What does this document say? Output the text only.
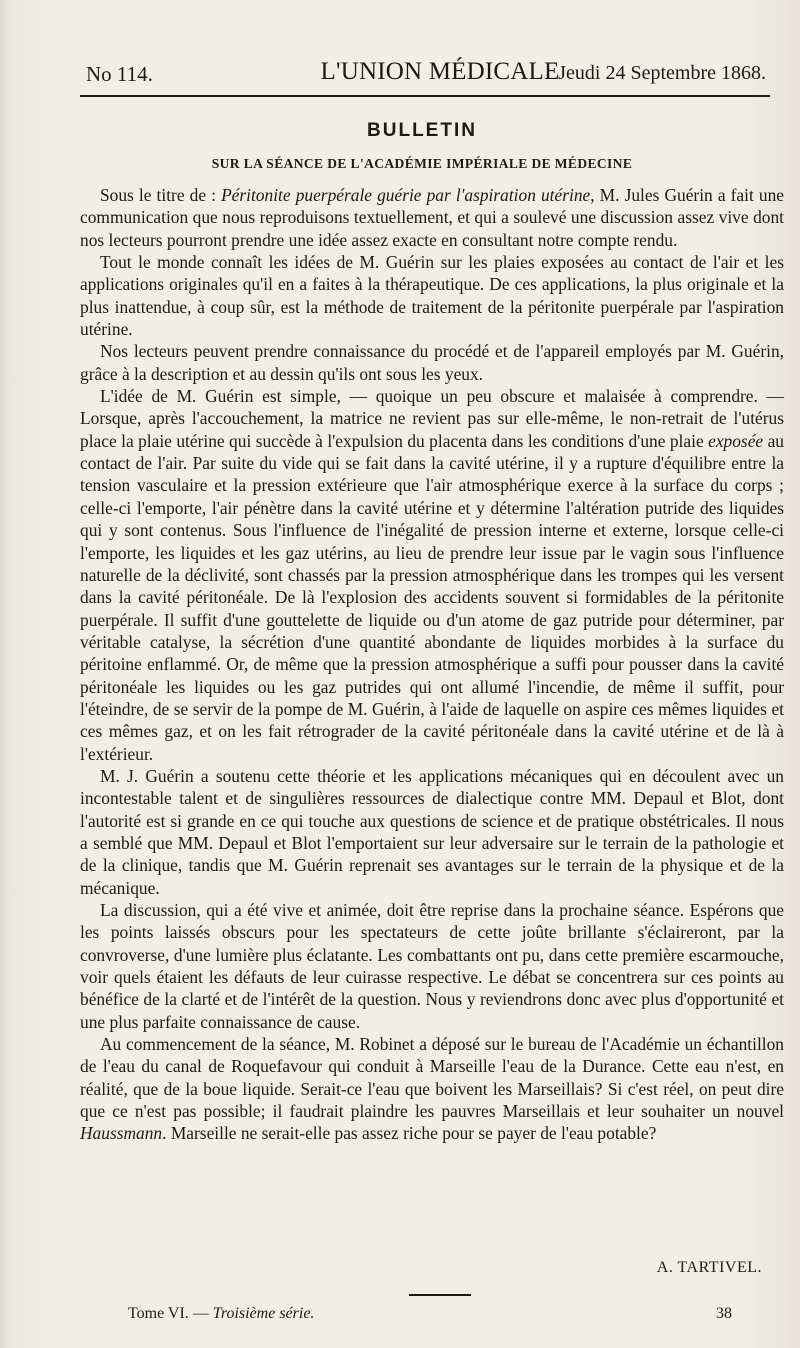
No 114.	L'UNION MÉDICALE
Jeudi 24 Septembre 1868.
BULLETIN
SUR LA SÉANCE DE L'ACADÉMIE IMPÉRIALE DE MÉDECINE

Sous le titre de : Péritonite puerpérale guérie par l'aspiration utérine, M. Jules Guérin a fait une communication que nous reproduisons textuellement, et qui a soulevé une discussion assez vive dont nos lecteurs pourront prendre une idée assez exacte en consultant notre compte rendu.

Tout le monde connaît les idées de M. Guérin sur les plaies exposées au contact de l'air et les applications originales qu'il en a faites à la thérapeutique. De ces applications, la plus originale et la plus inattendue, à coup sûr, est la méthode de traitement de la péritonite puerpérale par l'aspiration utérine.

Nos lecteurs peuvent prendre connaissance du procédé et de l'appareil employés par M. Guérin, grâce à la description et au dessin qu'ils ont sous les yeux.

L'idée de M. Guérin est simple, — quoique un peu obscure et malaisée à comprendre. — Lorsque, après l'accouchement, la matrice ne revient pas sur elle-même, le non-retrait de l'utérus place la plaie utérine qui succède à l'expulsion du placenta dans les conditions d'une plaie exposée au contact de l'air. Par suite du vide qui se fait dans la cavité utérine, il y a rupture d'équilibre entre la tension vasculaire et la pression extérieure que l'air atmosphérique exerce à la surface du corps ; celle-ci l'emporte, l'air pénètre dans la cavité utérine et y détermine l'altération putride des liquides qui y sont contenus. Sous l'influence de l'inégalité de pression interne et externe, lorsque celle-ci l'emporte, les liquides et les gaz utérins, au lieu de prendre leur issue par le vagin sous l'influence naturelle de la déclivité, sont chassés par la pression atmosphérique dans les trompes qui les versent dans la cavité péritonéale. De là l'explosion des accidents souvent si formidables de la péritonite puerpérale. Il suffit d'une gouttelette de liquide ou d'un atome de gaz putride pour déterminer, par véritable catalyse, la sécrétion d'une quantité abondante de liquides morbides à la surface du péritoine enflammé. Or, de même que la pression atmosphérique a suffi pour pousser dans la cavité péritonéale les liquides ou les gaz putrides qui ont allumé l'incendie, de même il suffit, pour l'éteindre, de se servir de la pompe de M. Guérin, à l'aide de laquelle on aspire ces mêmes liquides et ces mêmes gaz, et on les fait rétrograder de la cavité péritonéale dans la cavité utérine et de là à l'extérieur.

M. J. Guérin a soutenu cette théorie et les applications mécaniques qui en découlent avec un incontestable talent et de singulières ressources de dialectique contre MM. Depaul et Blot, dont l'autorité est si grande en ce qui touche aux questions de science et de pratique obstétricales. Il nous a semblé que MM. Depaul et Blot l'emportaient sur leur adversaire sur le terrain de la pathologie et de la clinique, tandis que M. Guérin reprenait ses avantages sur le terrain de la physique et de la mécanique.

La discussion, qui a été vive et animée, doit être reprise dans la prochaine séance. Espérons que les points laissés obscurs pour les spectateurs de cette joûte brillante s'éclaireront, par la convroverse, d'une lumière plus éclatante. Les combattants ont pu, dans cette première escarmouche, voir quels étaient les défauts de leur cuirasse respective. Le débat se concentrera sur ces points au bénéfice de la clarté et de l'intérêt de la question. Nous y reviendrons donc avec plus d'opportunité et une plus parfaite connaissance de cause.

Au commencement de la séance, M. Robinet a déposé sur le bureau de l'Académie un échantillon de l'eau du canal de Roquefavour qui conduit à Marseille l'eau de la Durance. Cette eau n'est, en réalité, que de la boue liquide. Serait-ce l'eau que boivent les Marseillais? Si c'est réel, on peut dire que ce n'est pas possible; il faudrait plaindre les pauvres Marseillais et leur souhaiter un nouvel Haussmann. Marseille ne serait-elle pas assez riche pour se payer de l'eau potable?

A. TARTIVEL.
Tome VI. — Troisième série.	38
